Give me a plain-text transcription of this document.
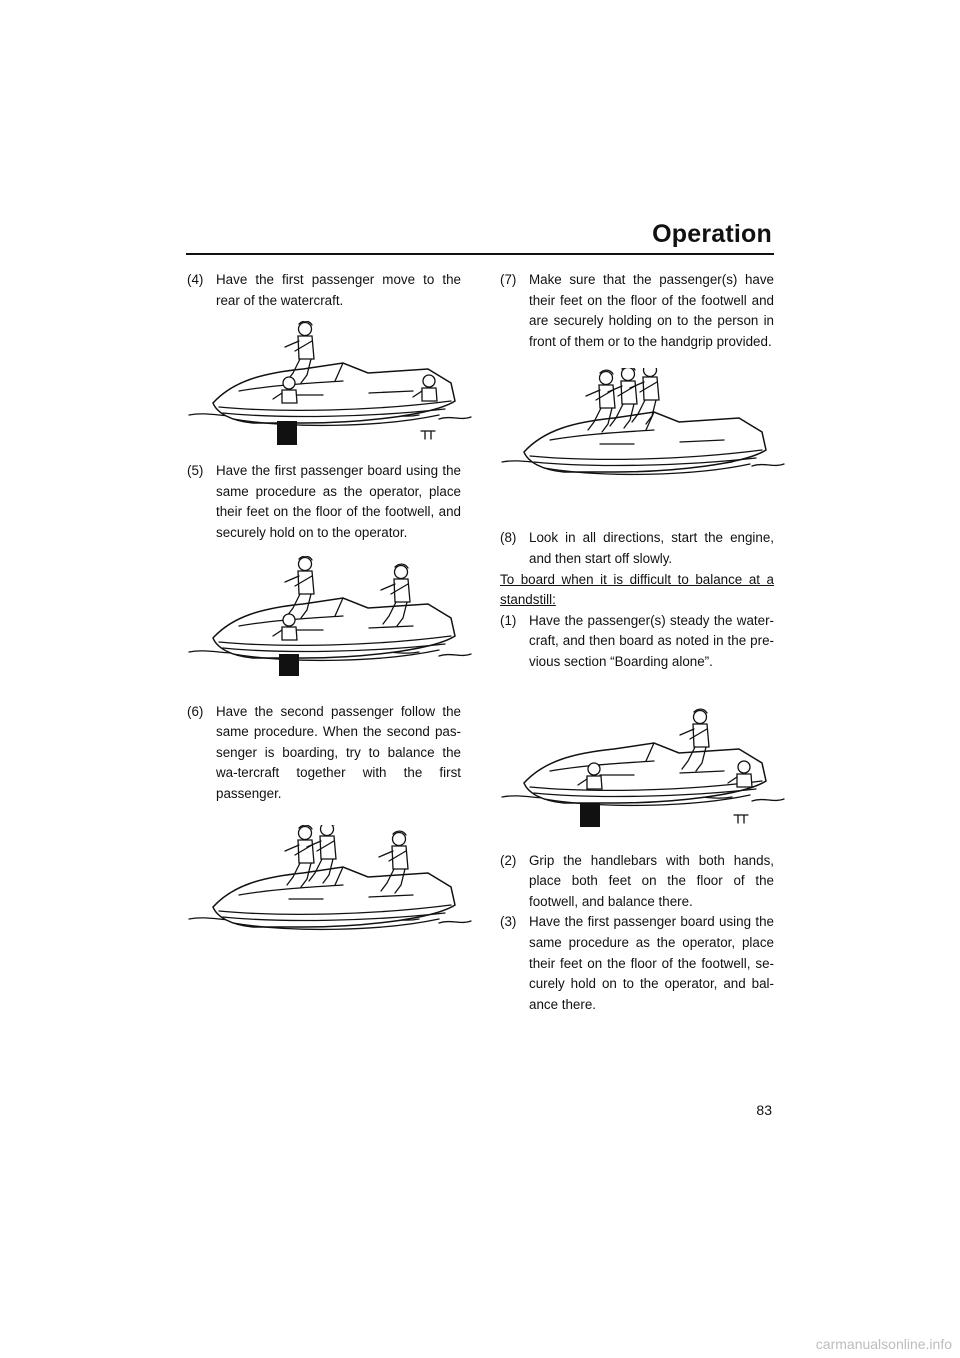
Operation

(4) Have the first passenger move to the rear of the watercraft.

(5) Have the first passenger board using the same procedure as the operator, place their feet on the floor of the footwell, and securely hold on to the operator.

(6) Have the second passenger follow the same procedure. When the second pas-senger is boarding, try to balance the wa-tercraft together with the first passenger.

(7) Make sure that the passenger(s) have their feet on the floor of the footwell and are securely holding on to the person in front of them or to the handgrip provided.

(8) Look in all directions, start the engine, and then start off slowly.

To board when it is difficult to balance at a standstill:

(1) Have the passenger(s) steady the water-craft, and then board as noted in the pre-vious section “Boarding alone”.

(2) Grip the handlebars with both hands, place both feet on the floor of the footwell, and balance there.

(3) Have the first passenger board using the same procedure as the operator, place their feet on the floor of the footwell, se-curely hold on to the operator, and bal-ance there.

83
carmanualsonline.info
